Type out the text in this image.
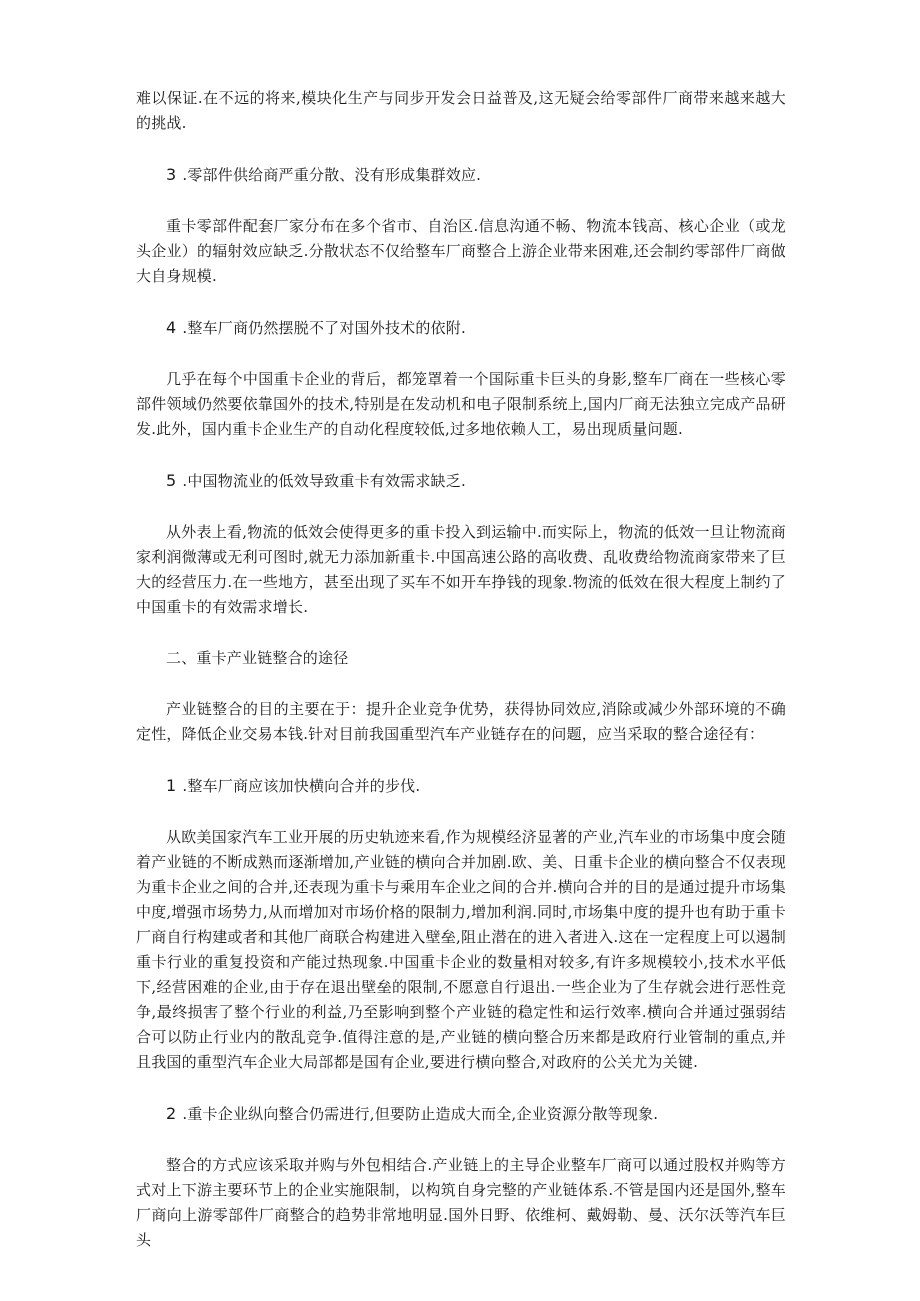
难以保证.在不远的将来,模块化生产与同步开发会日益普及,这无疑会给零部件厂商带来越来越大的挑战.

3 .零部件供给商严重分散、没有形成集群效应.

重卡零部件配套厂家分布在多个省市、自治区.信息沟通不畅、物流本钱高、核心企业（或龙头企业）的辐射效应缺乏.分散状态不仅给整车厂商整合上游企业带来困难,还会制约零部件厂商做大自身规模.

4 .整车厂商仍然摆脱不了对国外技术的依附.

几乎在每个中国重卡企业的背后，都笼罩着一个国际重卡巨头的身影,整车厂商在一些核心零部件领域仍然要依靠国外的技术,特别是在发动机和电子限制系统上,国内厂商无法独立完成产品研发.此外，国内重卡企业生产的自动化程度较低,过多地依赖人工，易出现质量问题.

5 .中国物流业的低效导致重卡有效需求缺乏.

从外表上看,物流的低效会使得更多的重卡投入到运输中.而实际上，物流的低效一旦让物流商家利润微薄或无利可图时,就无力添加新重卡.中国高速公路的高收费、乱收费给物流商家带来了巨大的经营压力.在一些地方，甚至出现了买车不如开车挣钱的现象.物流的低效在很大程度上制约了中国重卡的有效需求增长.

二、重卡产业链整合的途径

产业链整合的目的主要在于：提升企业竞争优势，获得协同效应,消除或减少外部环境的不确定性，降低企业交易本钱.针对目前我国重型汽车产业链存在的问题，应当采取的整合途径有：

1 .整车厂商应该加快横向合并的步伐.

从欧美国家汽车工业开展的历史轨迹来看,作为规模经济显著的产业,汽车业的市场集中度会随着产业链的不断成熟而逐渐增加,产业链的横向合并加剧.欧、美、日重卡企业的横向整合不仅表现为重卡企业之间的合并,还表现为重卡与乘用车企业之间的合并.横向合并的目的是通过提升市场集中度,增强市场势力,从而增加对市场价格的限制力,增加利润.同时,市场集中度的提升也有助于重卡厂商自行构建或者和其他厂商联合构建进入壁垒,阻止潜在的进入者进入.这在一定程度上可以遏制重卡行业的重复投资和产能过热现象.中国重卡企业的数量相对较多,有许多规模较小,技术水平低下,经营困难的企业,由于存在退出壁垒的限制,不愿意自行退出.一些企业为了生存就会进行恶性竞争,最终损害了整个行业的利益,乃至影响到整个产业链的稳定性和运行效率.横向合并通过强弱结合可以防止行业内的散乱竞争.值得注意的是,产业链的横向整合历来都是政府行业管制的重点,并且我国的重型汽车企业大局部都是国有企业,要进行横向整合,对政府的公关尤为关键.

2 .重卡企业纵向整合仍需进行,但要防止造成大而全,企业资源分散等现象.

整合的方式应该采取并购与外包相结合.产业链上的主导企业整车厂商可以通过股权并购等方式对上下游主要环节上的企业实施限制，以构筑自身完整的产业链体系.不管是国内还是国外,整车厂商向上游零部件厂商整合的趋势非常地明显.国外日野、依维柯、戴姆勒、曼、沃尔沃等汽车巨头
